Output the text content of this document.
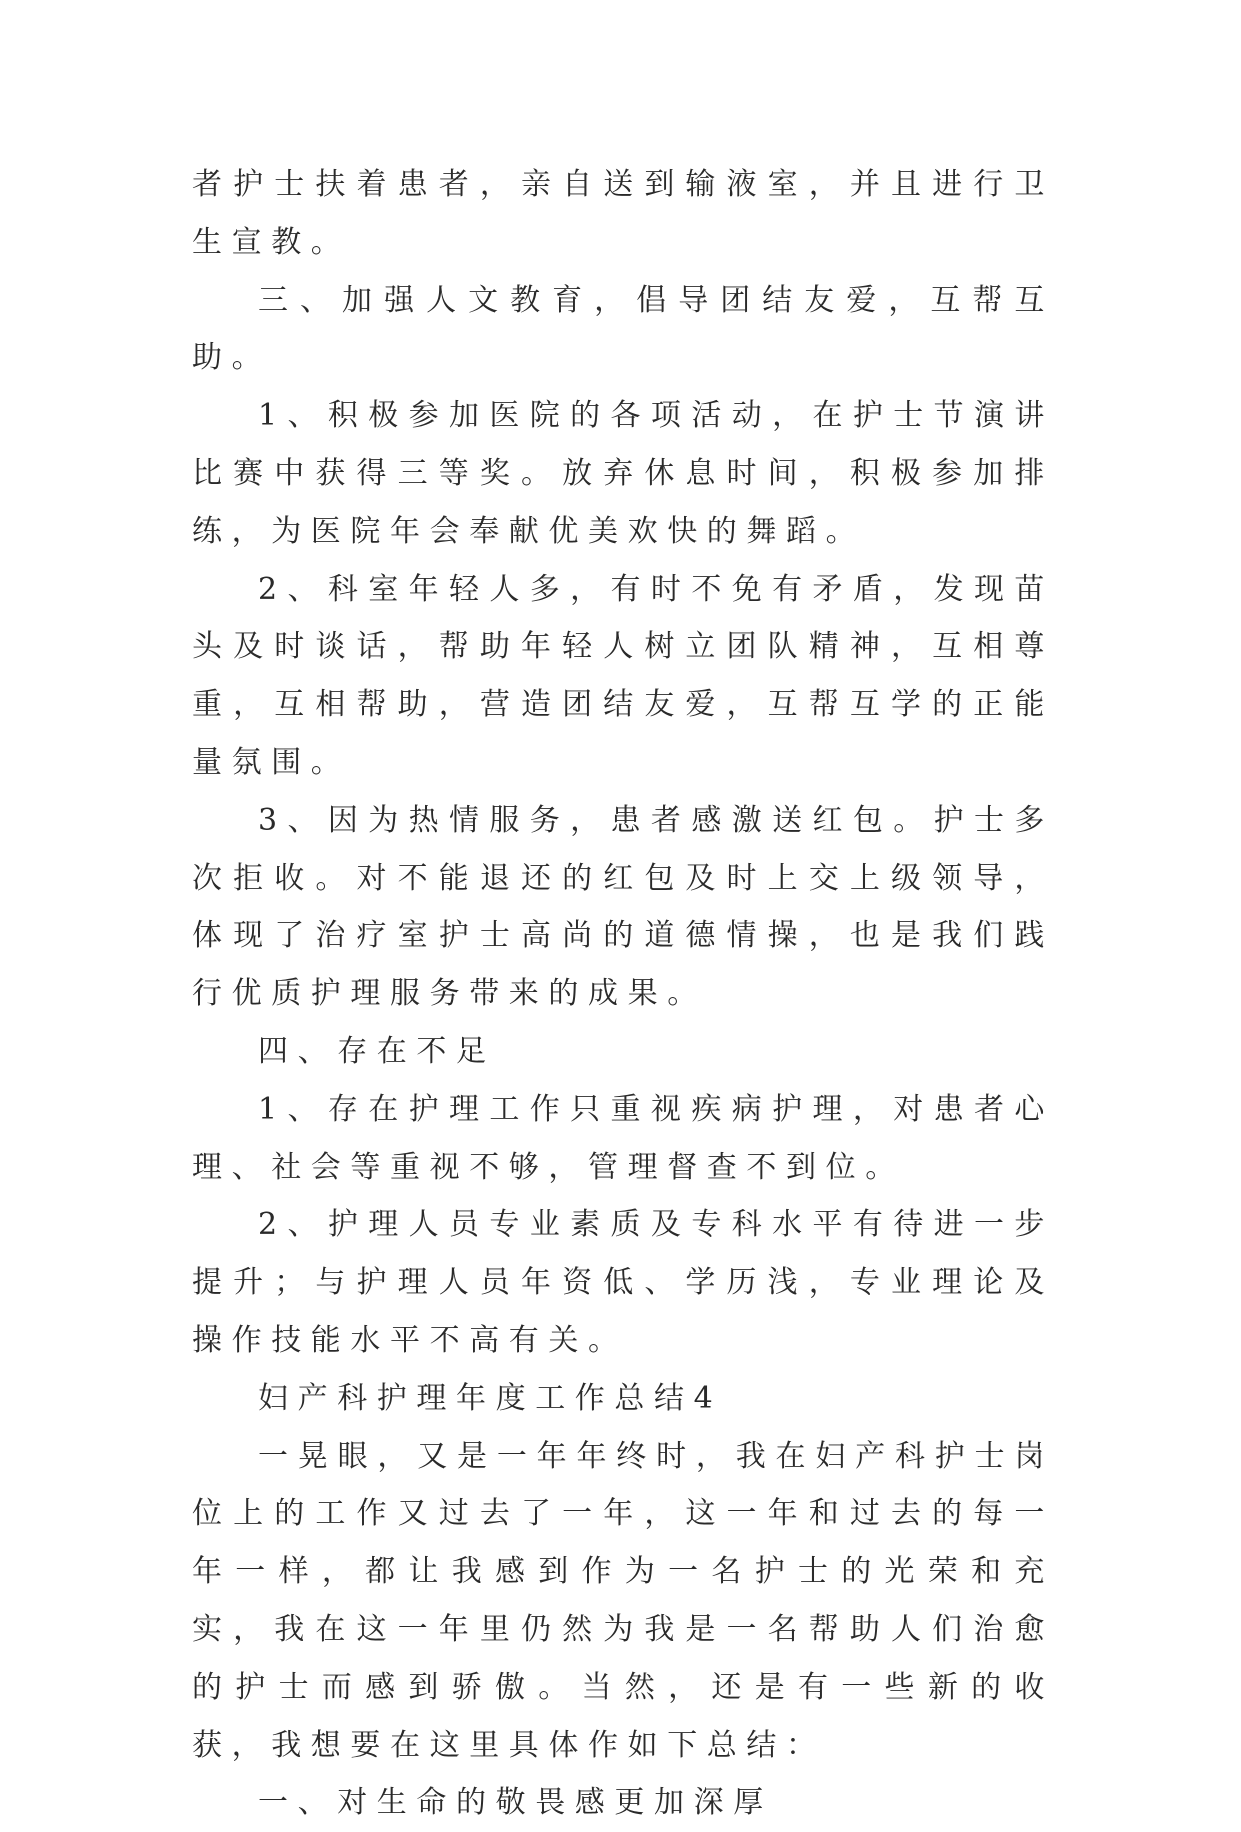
者护士扶着患者，亲自送到输液室，并且进行卫生宣教。

三、加强人文教育，倡导团结友爱，互帮互助。

1、积极参加医院的各项活动，在护士节演讲比赛中获得三等奖。放弃休息时间，积极参加排练，为医院年会奉献优美欢快的舞蹈。

2、科室年轻人多，有时不免有矛盾，发现苗头及时谈话，帮助年轻人树立团队精神，互相尊重，互相帮助，营造团结友爱，互帮互学的正能量氛围。

3、因为热情服务，患者感激送红包。护士多次拒收。对不能退还的红包及时上交上级领导，体现了治疗室护士高尚的道德情操，也是我们践行优质护理服务带来的成果。

四、存在不足

1、存在护理工作只重视疾病护理，对患者心理、社会等重视不够，管理督查不到位。

2、护理人员专业素质及专科水平有待进一步提升；与护理人员年资低、学历浅，专业理论及操作技能水平不高有关。

妇产科护理年度工作总结4

一晃眼，又是一年年终时，我在妇产科护士岗位上的工作又过去了一年，这一年和过去的每一年一样，都让我感到作为一名护士的光荣和充实，我在这一年里仍然为我是一名帮助人们治愈的护士而感到骄傲。当然，还是有一些新的收获，我想要在这里具体作如下总结：

一、对生命的敬畏感更加深厚
